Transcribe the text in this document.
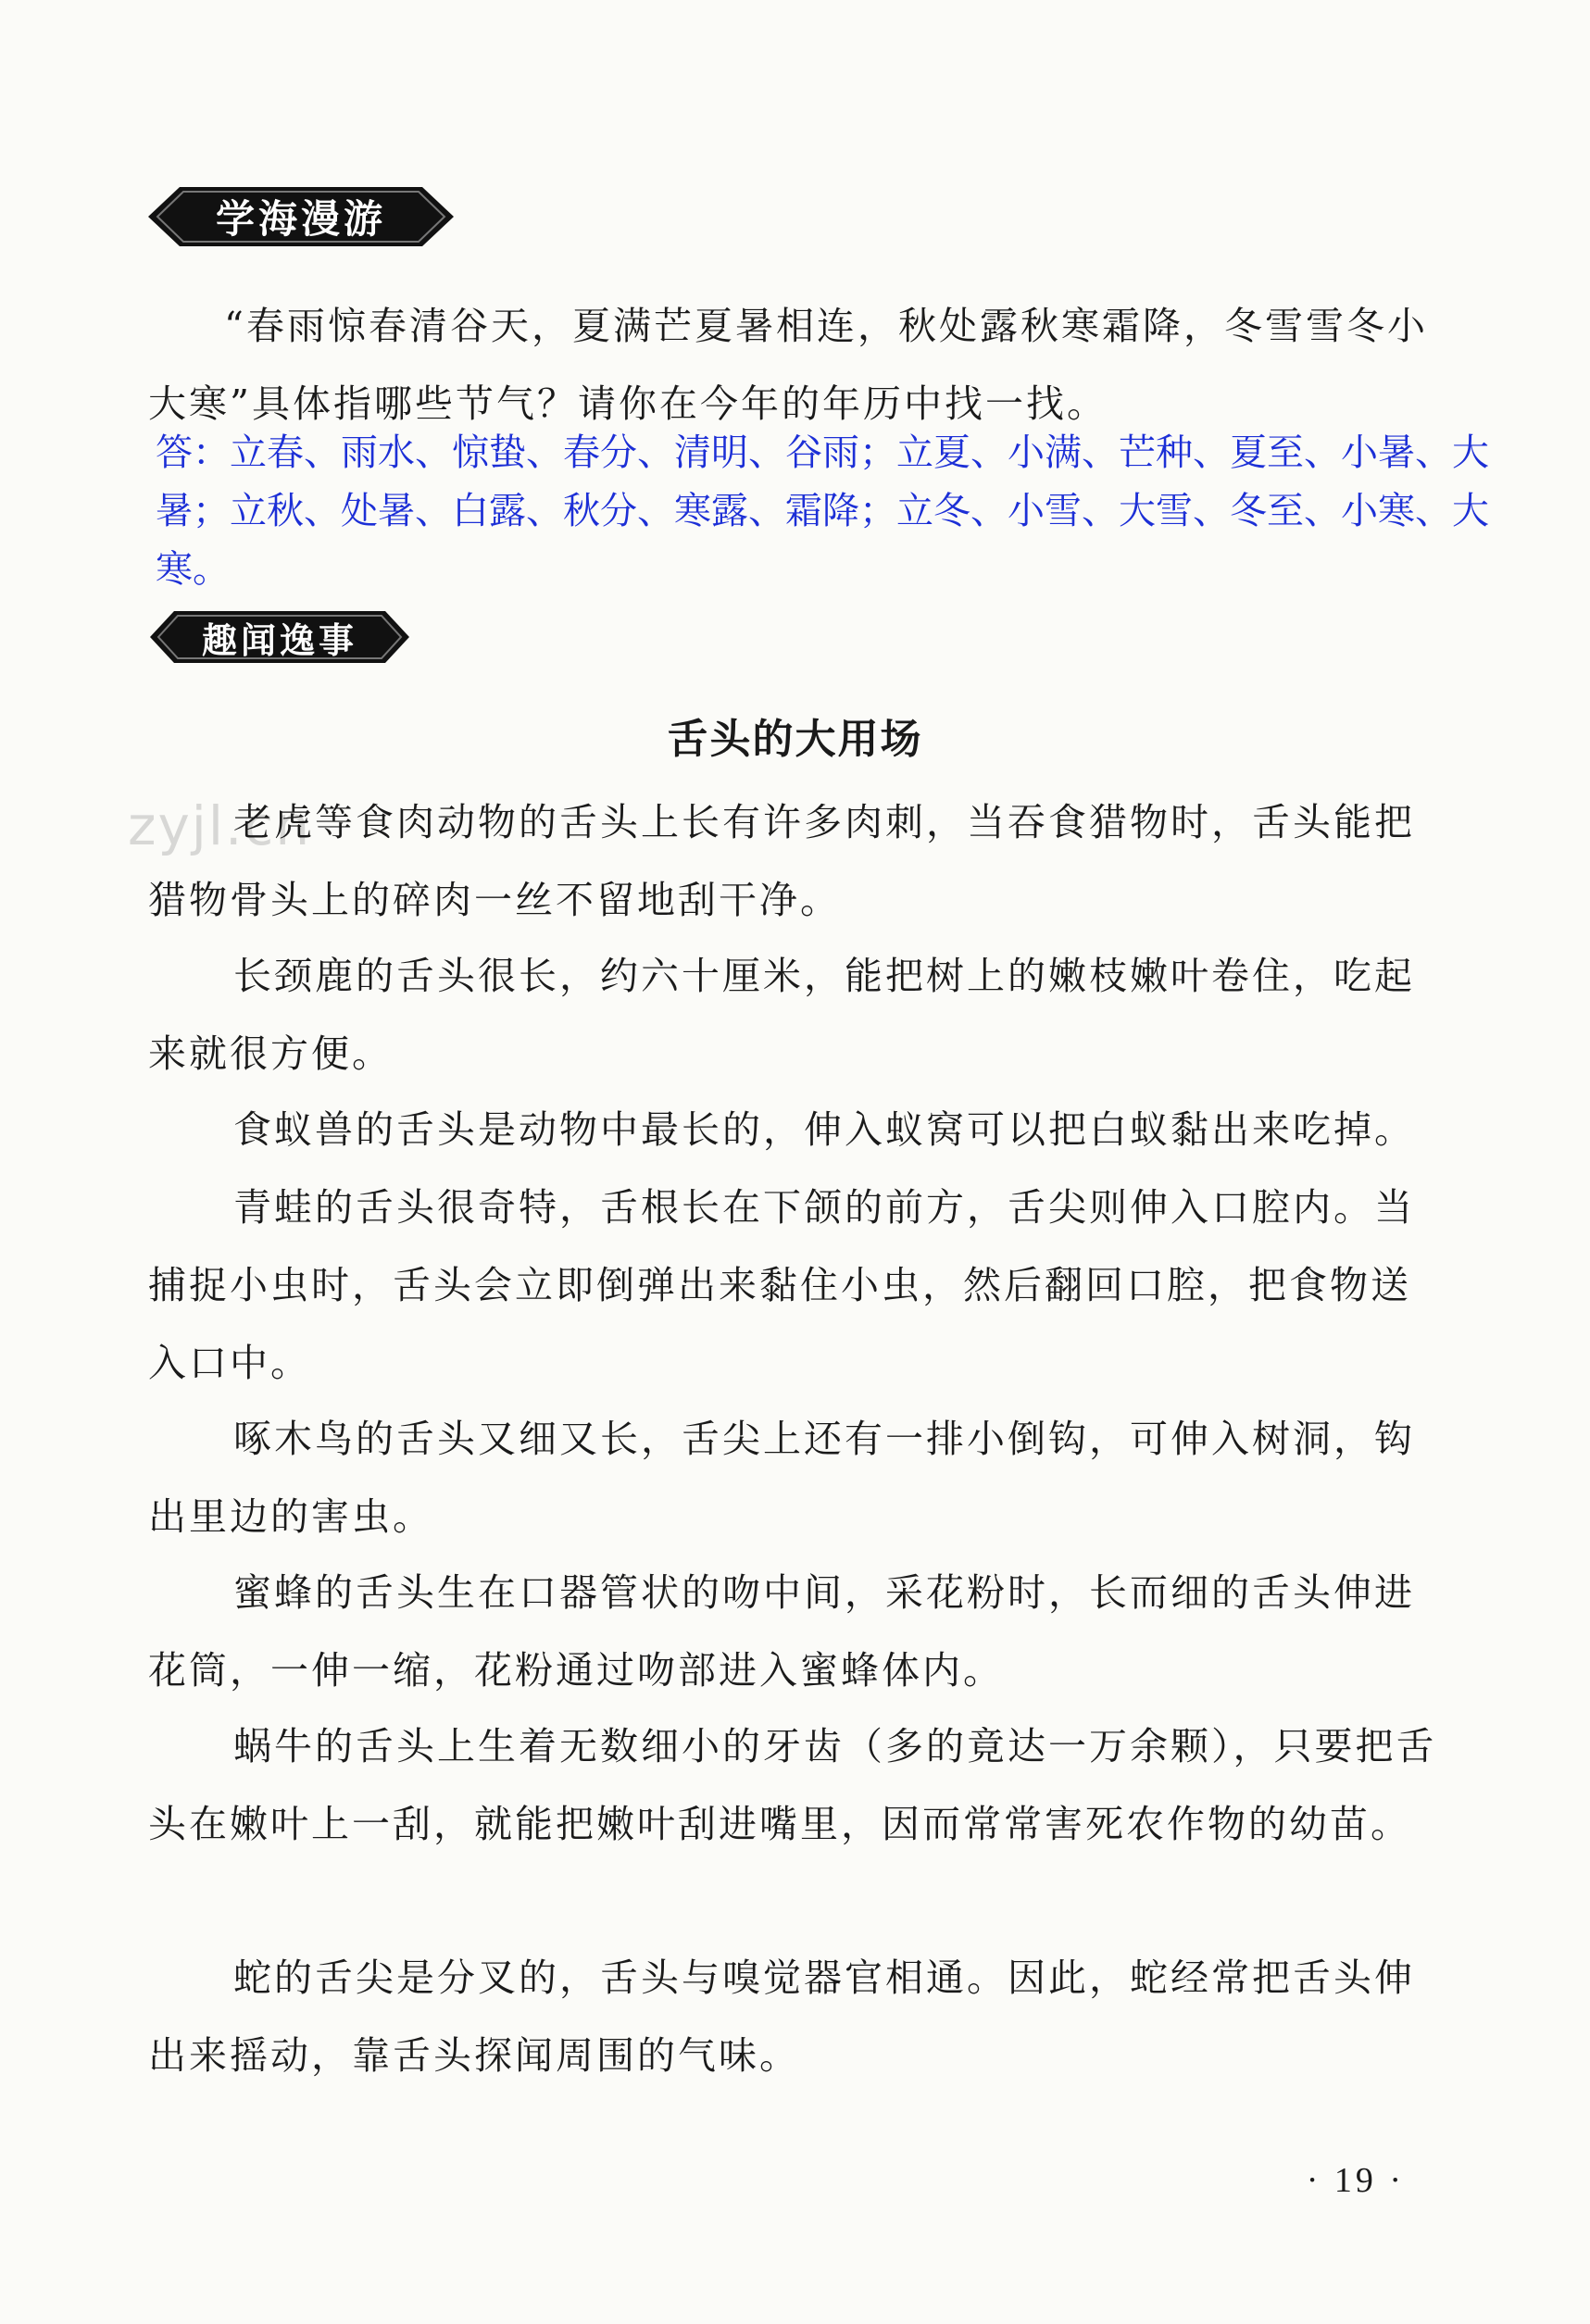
学海漫游

“春雨惊春清谷天，夏满芒夏暑相连，秋处露秋寒霜降，冬雪雪冬小大寒”具体指哪些节气？请你在今年的年历中找一找。

答：立春、雨水、惊蛰、春分、清明、谷雨；立夏、小满、芒种、夏至、小暑、大暑；立秋、处暑、白露、秋分、寒露、霜降；立冬、小雪、大雪、冬至、小寒、大寒。

趣闻逸事
舌头的大用场
zyjl.cn

老虎等食肉动物的舌头上长有许多肉刺，当吞食猎物时，舌头能把猎物骨头上的碎肉一丝不留地刮干净。

长颈鹿的舌头很长，约六十厘米，能把树上的嫩枝嫩叶卷住，吃起来就很方便。

食蚁兽的舌头是动物中最长的，伸入蚁窝可以把白蚁黏出来吃掉。

青蛙的舌头很奇特，舌根长在下颌的前方，舌尖则伸入口腔内。当捕捉小虫时，舌头会立即倒弹出来黏住小虫，然后翻回口腔，把食物送入口中。

啄木鸟的舌头又细又长，舌尖上还有一排小倒钩，可伸入树洞，钩出里边的害虫。

蜜蜂的舌头生在口器管状的吻中间，采花粉时，长而细的舌头伸进花筒，一伸一缩，花粉通过吻部进入蜜蜂体内。

蜗牛的舌头上生着无数细小的牙齿（多的竟达一万余颗），只要把舌头在嫩叶上一刮，就能把嫩叶刮进嘴里，因而常常害死农作物的幼苗。

蛇的舌尖是分叉的，舌头与嗅觉器官相通。因此，蛇经常把舌头伸出来摇动，靠舌头探闻周围的气味。

· 19 ·
